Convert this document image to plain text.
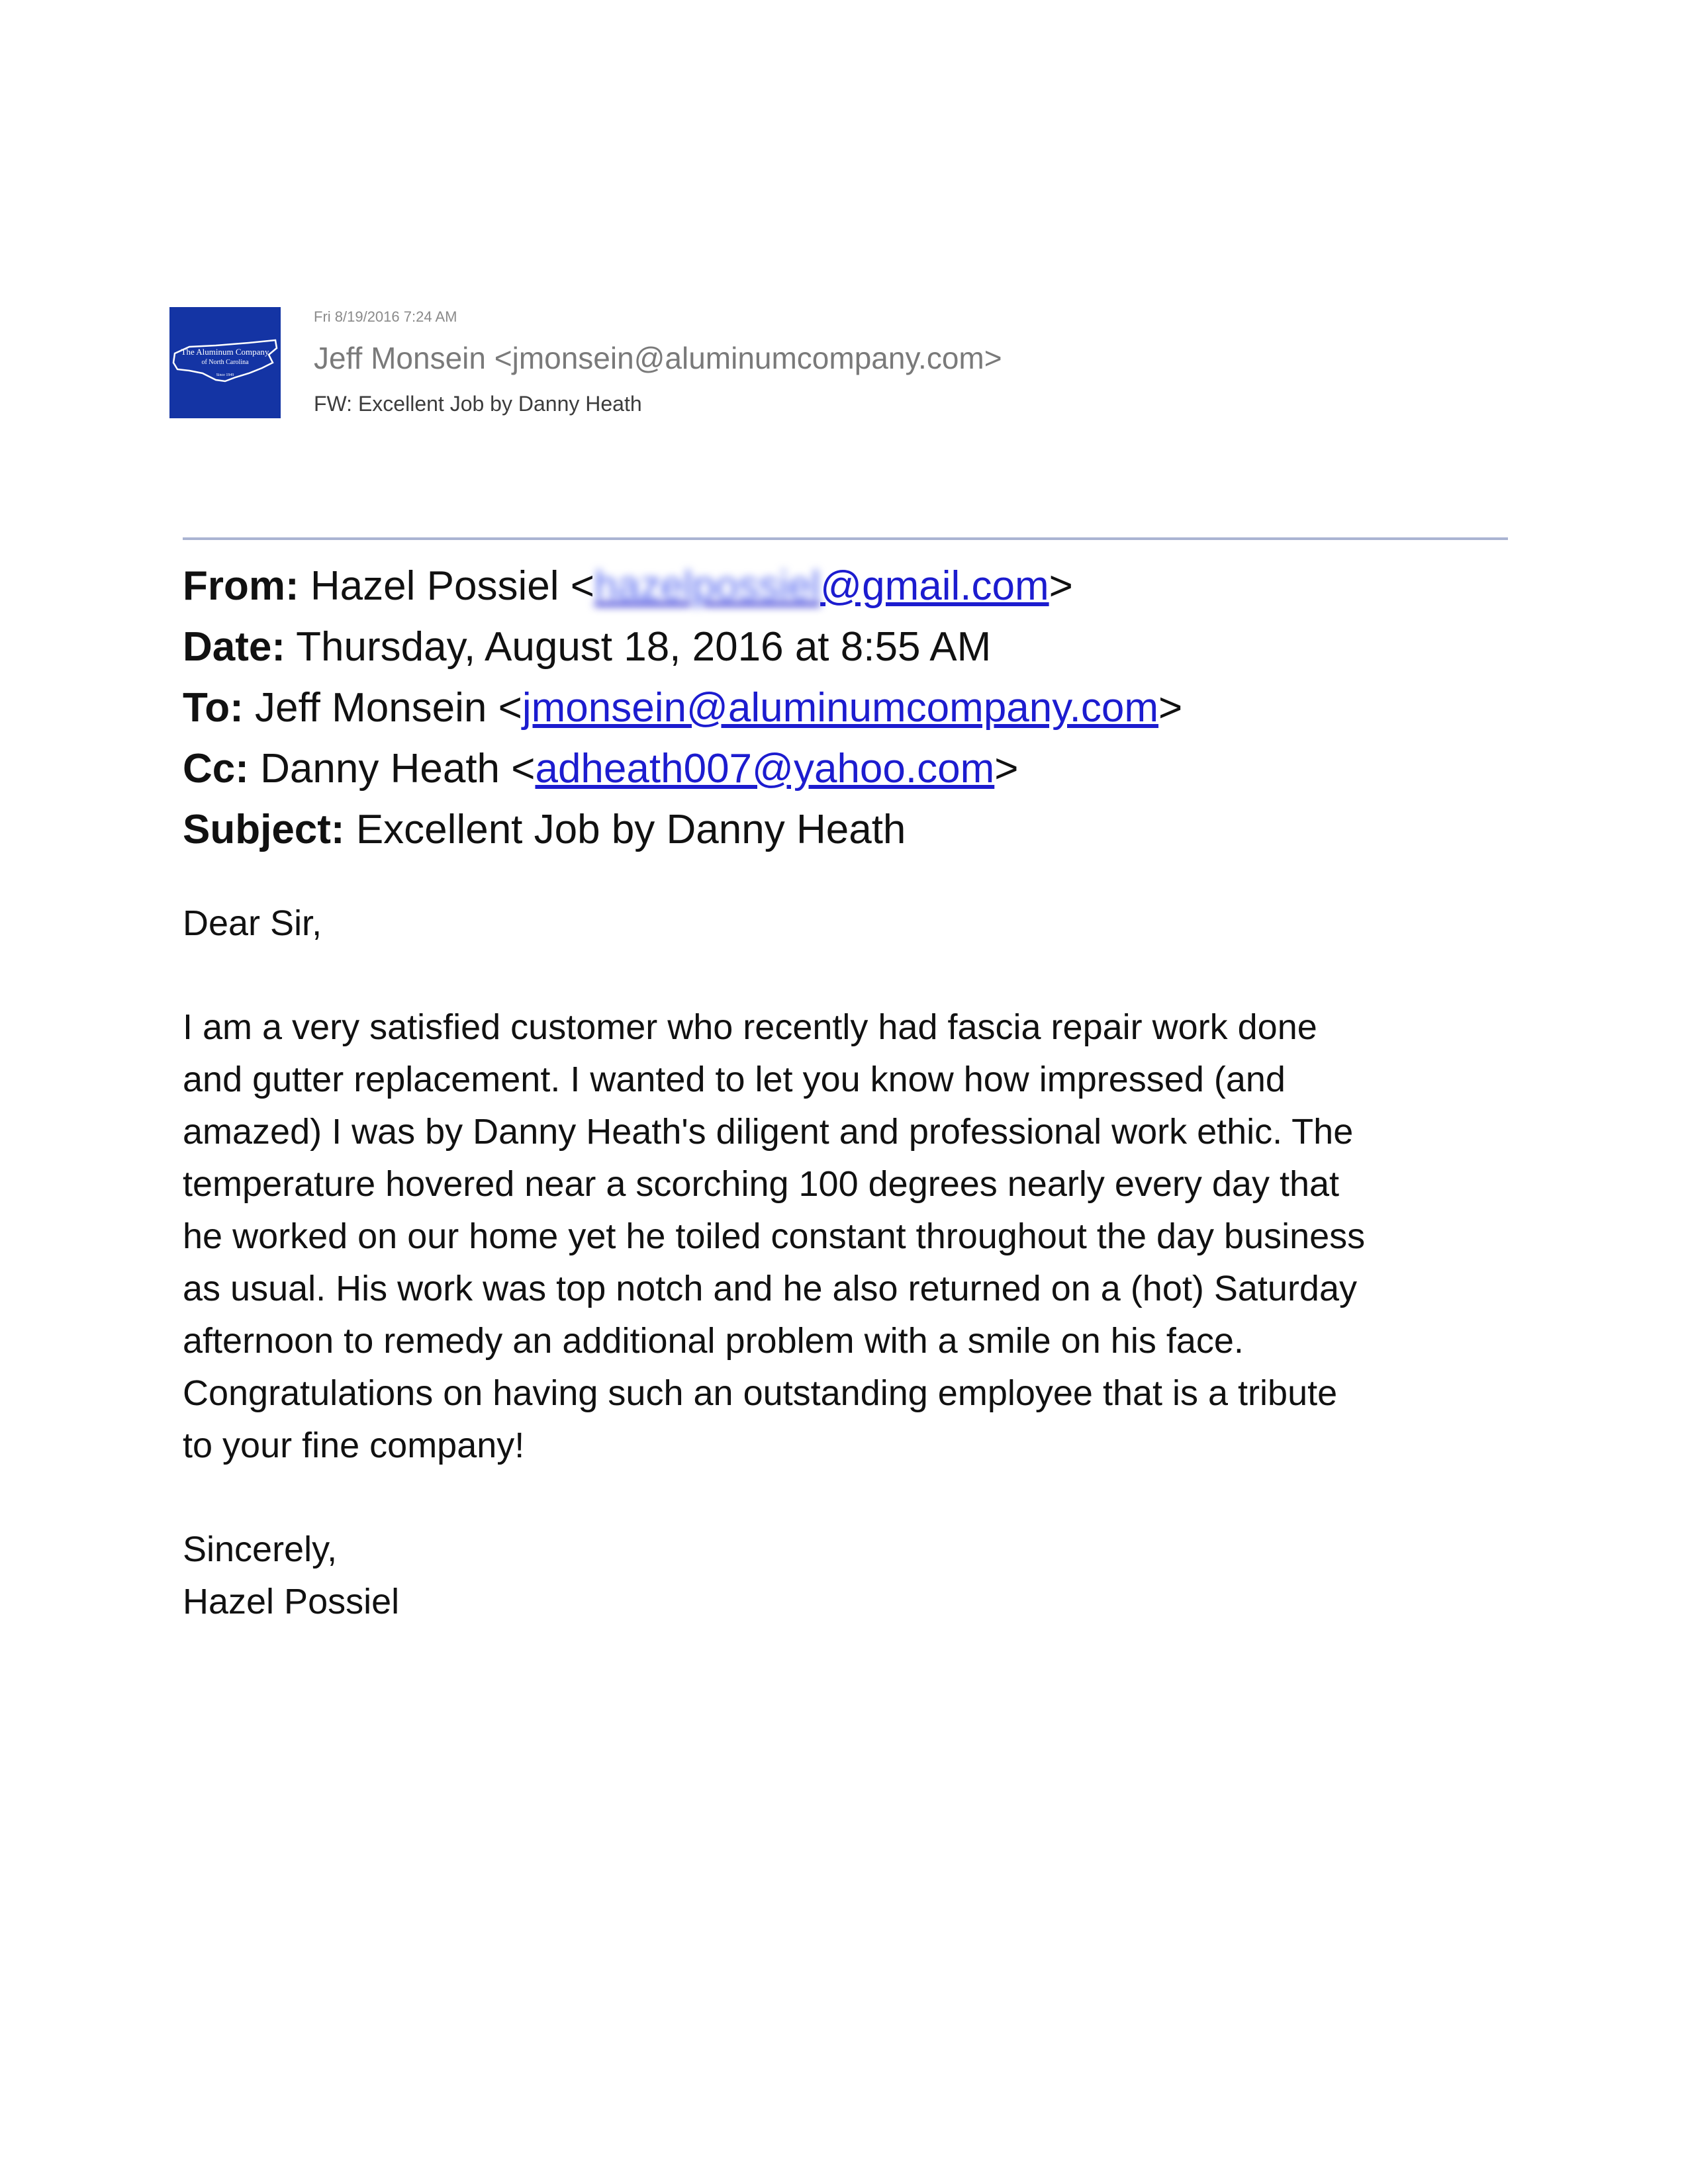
The Aluminum Company
of North Carolina
Since 1949
Fri 8/19/2016 7:24 AM
Jeff Monsein <jmonsein@aluminumcompany.com>
FW: Excellent Job by Danny Heath
From: Hazel Possiel <hazelpossiel@gmail.com>
Date: Thursday, August 18, 2016 at 8:55 AM
To: Jeff Monsein <jmonsein@aluminumcompany.com>
Cc: Danny Heath <adheath007@yahoo.com>
Subject: Excellent Job by Danny Heath
Dear Sir,
I am a very satisfied customer who recently had fascia repair work done
and gutter replacement. I wanted to let you know how impressed (and
amazed) I was by Danny Heath's diligent and professional work ethic. The
temperature hovered near a scorching 100 degrees nearly every day that
he worked on our home yet he toiled constant throughout the day business
as usual. His work was top notch and he also returned on a (hot) Saturday
afternoon to remedy an additional problem with a smile on his face.
Congratulations on having such an outstanding employee that is a tribute
to your fine company!
Sincerely,
Hazel Possiel
